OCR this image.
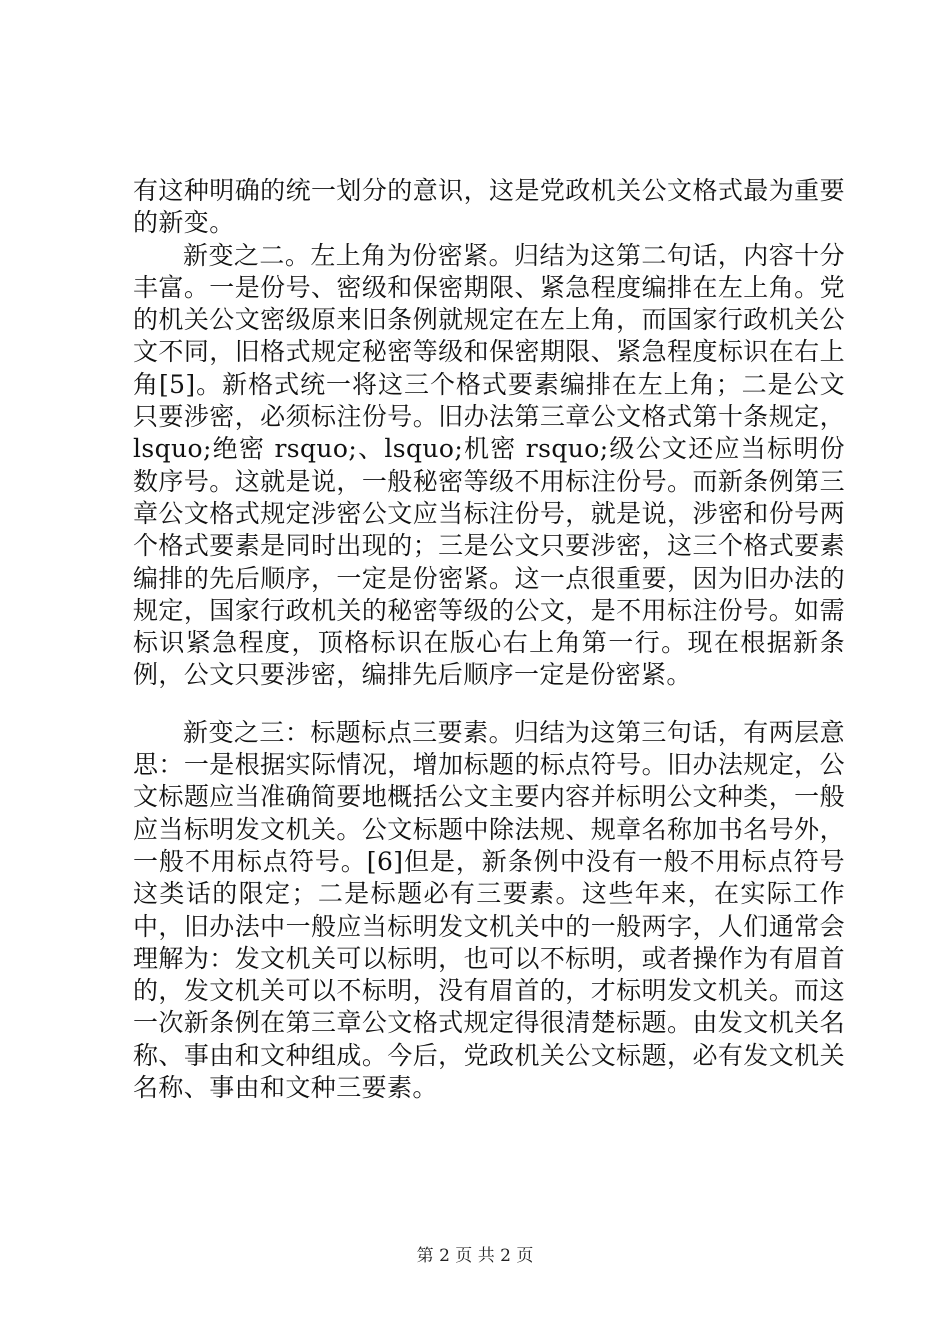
有这种明确的统一划分的意识，这是党政机关公文格式最为重要的新变。

新变之二。左上角为份密紧。归结为这第二句话，内容十分丰富。一是份号、密级和保密期限、紧急程度编排在左上角。党的机关公文密级原来旧条例就规定在左上角，而国家行政机关公文不同，旧格式规定秘密等级和保密期限、紧急程度标识在右上角[5]。新格式统一将这三个格式要素编排在左上角；二是公文只要涉密，必须标注份号。旧办法第三章公文格式第十条规定，lsquo;绝密 rsquo;、lsquo;机密 rsquo;级公文还应当标明份数序号。这就是说，一般秘密等级不用标注份号。而新条例第三章公文格式规定涉密公文应当标注份号，就是说，涉密和份号两个格式要素是同时出现的；三是公文只要涉密，这三个格式要素编排的先后顺序，一定是份密紧。这一点很重要，因为旧办法的规定，国家行政机关的秘密等级的公文，是不用标注份号。如需标识紧急程度，顶格标识在版心右上角第一行。现在根据新条例，公文只要涉密，编排先后顺序一定是份密紧。

新变之三：标题标点三要素。归结为这第三句话，有两层意思：一是根据实际情况，增加标题的标点符号。旧办法规定，公文标题应当准确简要地概括公文主要内容并标明公文种类，一般应当标明发文机关。公文标题中除法规、规章名称加书名号外，一般不用标点符号。[6]但是，新条例中没有一般不用标点符号这类话的限定；二是标题必有三要素。这些年来，在实际工作中，旧办法中一般应当标明发文机关中的一般两字，人们通常会理解为：发文机关可以标明，也可以不标明，或者操作为有眉首的，发文机关可以不标明，没有眉首的，才标明发文机关。而这一次新条例在第三章公文格式规定得很清楚标题。由发文机关名称、事由和文种组成。今后，党政机关公文标题，必有发文机关名称、事由和文种三要素。

第 2 页 共 2 页
